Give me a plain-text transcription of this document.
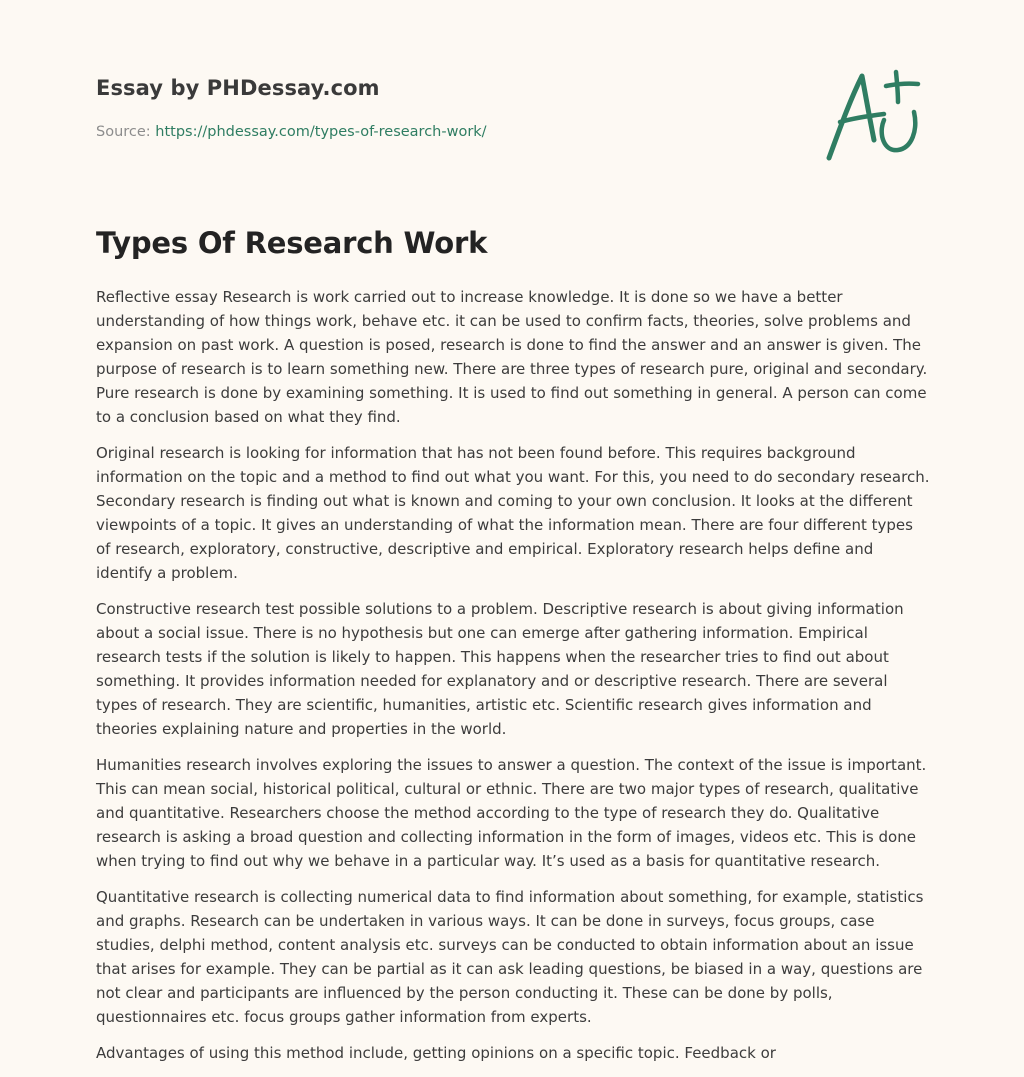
Essay by PHDessay.com
Source: https://phdessay.com/types-of-research-work/
Types Of Research Work

Reflective essay Research is work carried out to increase knowledge. It is done so we have a better understanding of how things work, behave etc. it can be used to confirm facts, theories, solve problems and expansion on past work. A question is posed, research is done to find the answer and an answer is given. The purpose of research is to learn something new. There are three types of research pure, original and secondary. Pure research is done by examining something. It is used to find out something in general. A person can come to a conclusion based on what they find.

Original research is looking for information that has not been found before. This requires background information on the topic and a method to find out what you want. For this, you need to do secondary research. Secondary research is finding out what is known and coming to your own conclusion. It looks at the different viewpoints of a topic. It gives an understanding of what the information mean. There are four different types of research, exploratory, constructive, descriptive and empirical. Exploratory research helps define and identify a problem.

Constructive research test possible solutions to a problem. Descriptive research is about giving information about a social issue. There is no hypothesis but one can emerge after gathering information. Empirical research tests if the solution is likely to happen. This happens when the researcher tries to find out about something. It provides information needed for explanatory and or descriptive research. There are several types of research. They are scientific, humanities, artistic etc. Scientific research gives information and theories explaining nature and properties in the world.

Humanities research involves exploring the issues to answer a question. The context of the issue is important. This can mean social, historical political, cultural or ethnic. There are two major types of research, qualitative and quantitative. Researchers choose the method according to the type of research they do. Qualitative research is asking a broad question and collecting information in the form of images, videos etc. This is done when trying to find out why we behave in a particular way. It’s used as a basis for quantitative research.

Quantitative research is collecting numerical data to find information about something, for example, statistics and graphs. Research can be undertaken in various ways. It can be done in surveys, focus groups, case studies, delphi method, content analysis etc. surveys can be conducted to obtain information about an issue that arises for example. They can be partial as it can ask leading questions, be biased in a way, questions are not clear and participants are influenced by the person conducting it. These can be done by polls, questionnaires etc. focus groups gather information from experts.

Advantages of using this method include, getting opinions on a specific topic. Feedback or
